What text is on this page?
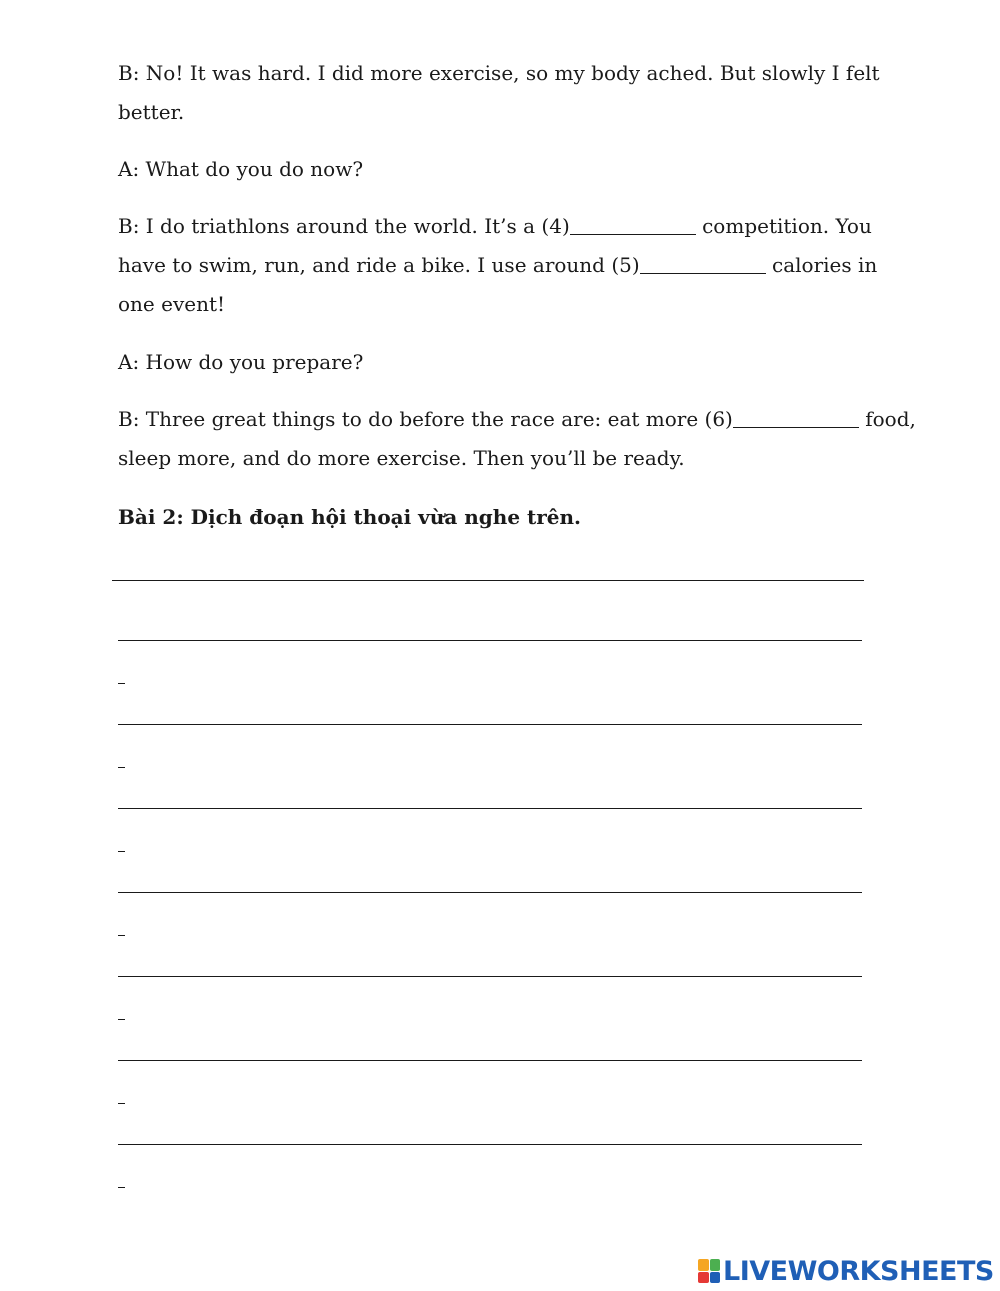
B: No! It was hard. I did more exercise, so my body ached. But slowly I felt
better.
A: What do you do now?
B: I do triathlons around the world. It’s a (4)	competition. You
have to swim, run, and ride a bike. I use around (5)	calories in
one event!
A: How do you prepare?
B: Three great things to do before the race are: eat more (6)	food,
sleep more, and do more exercise. Then you’ll be ready.
Bài 2: Dịch đoạn hội thoại vừa nghe trên.
LIVEWORKSHEETS
